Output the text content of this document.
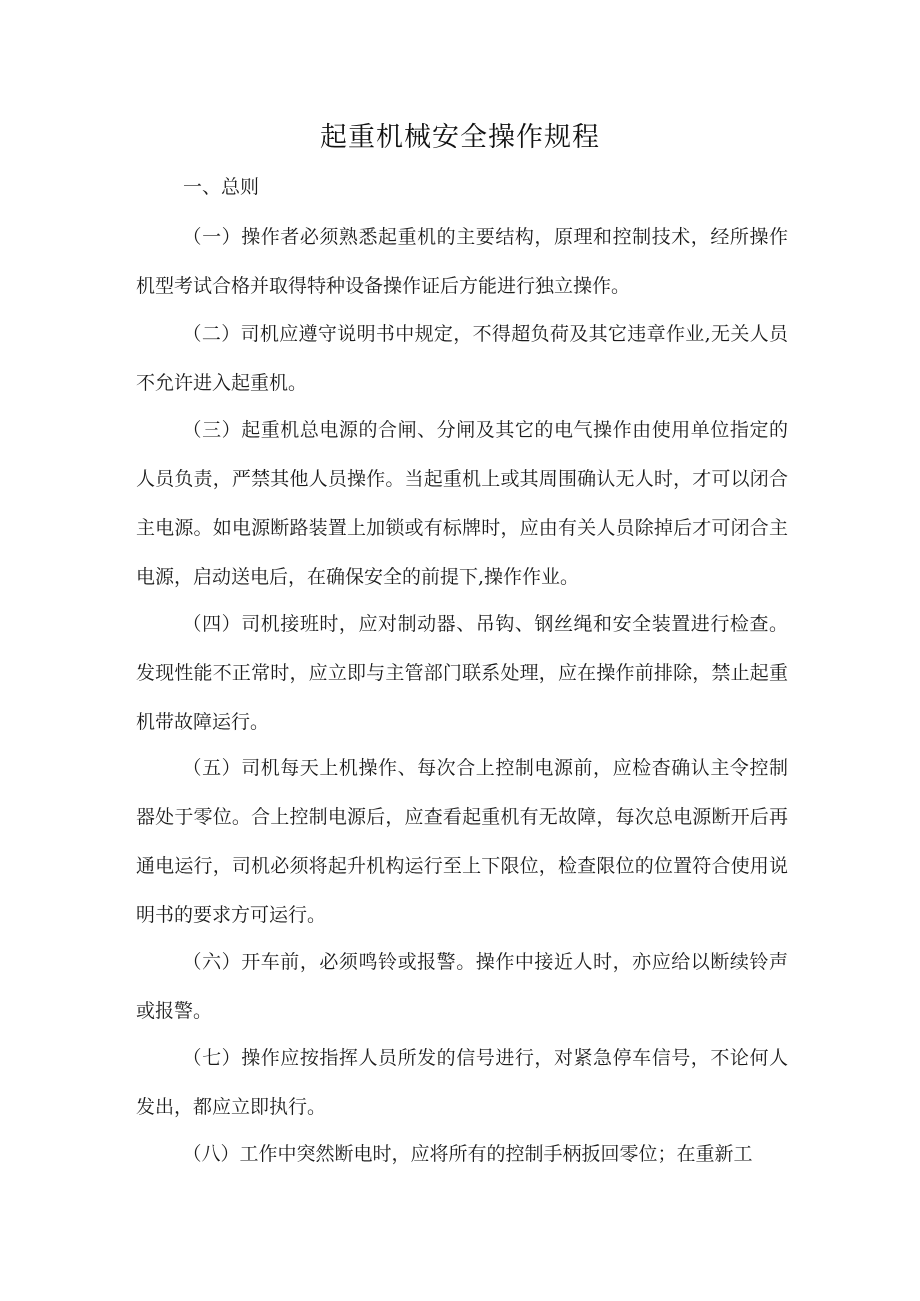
起重机械安全操作规程
一、总则

（一）操作者必须熟悉起重机的主要结构，原理和控制技术，经所操作机型考试合格并取得特种设备操作证后方能进行独立操作。

（二）司机应遵守说明书中规定，不得超负荷及其它违章作业,无关人员不允许进入起重机。

（三）起重机总电源的合闸、分闸及其它的电气操作由使用单位指定的人员负责，严禁其他人员操作。当起重机上或其周围确认无人时，才可以闭合主电源。如电源断路装置上加锁或有标牌时，应由有关人员除掉后才可闭合主电源，启动送电后，在确保安全的前提下,操作作业。

（四）司机接班时，应对制动器、吊钩、钢丝绳和安全装置进行检查。发现性能不正常时，应立即与主管部门联系处理，应在操作前排除，禁止起重机带故障运行。

（五）司机每天上机操作、每次合上控制电源前，应检杳确认主令控制器处于零位。合上控制电源后，应查看起重机有无故障，每次总电源断开后再通电运行，司机必须将起升机构运行至上下限位，检查限位的位置符合使用说明书的要求方可运行。

（六）开车前，必须鸣铃或报警。操作中接近人时，亦应给以断续铃声或报警。

（七）操作应按指挥人员所发的信号进行，对紧急停车信号，不论何人发出，都应立即执行。

（八）工作中突然断电时，应将所有的控制手柄扳回零位；在重新工
